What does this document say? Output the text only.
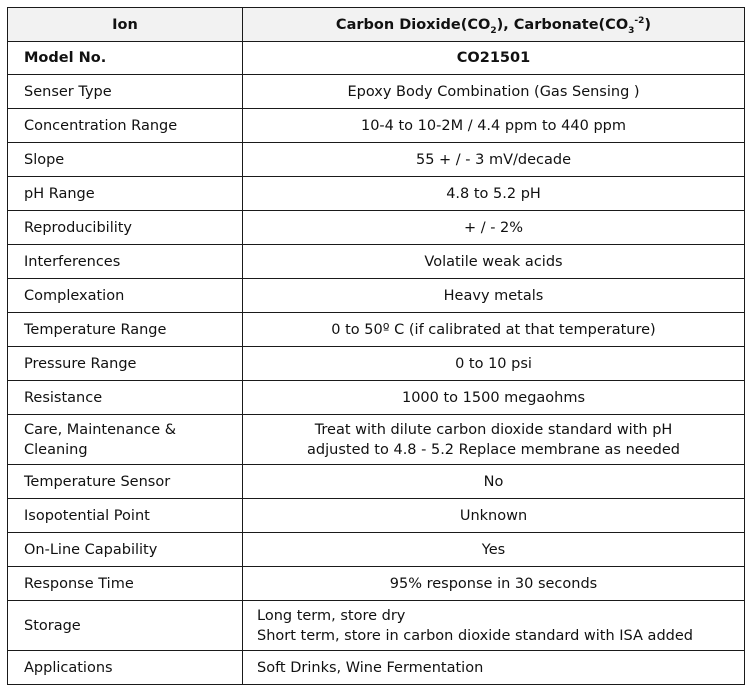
Ion	Carbon $Dioxide(CO_2)$, $Carbonate(CO_3^{-2})$
Model No.	CO21501
Senser Type	Epoxy Body Combination (Gas Sensing )
Concentration Range	10-4 to 10-2M / 4.4 ppm to 440 ppm
Slope	55 + / - 3 mV/decade
pH Range	4.8 to 5.2 pH
Reproducibility	+ / - 2%
Interferences	Volatile weak acids
Complexation	Heavy metals
Temperature Range	0 to 50º C (if calibrated at that temperature)
Pressure Range	0 to 10 psi
Resistance	1000 to 1500 megaohms
Care, Maintenance & Cleaning	Treat with dilute carbon dioxide standard with pH
adjusted to 4.8 - 5.2 Replace membrane as needed

Temperature Sensor	No
Isopotential Point	Unknown
On-Line Capability	Yes
Response Time	95% response in 30 seconds
Storage	Long term, store dry
Short term, store in carbon dioxide standard with ISA added

Applications	Soft Drinks, Wine Fermentation
